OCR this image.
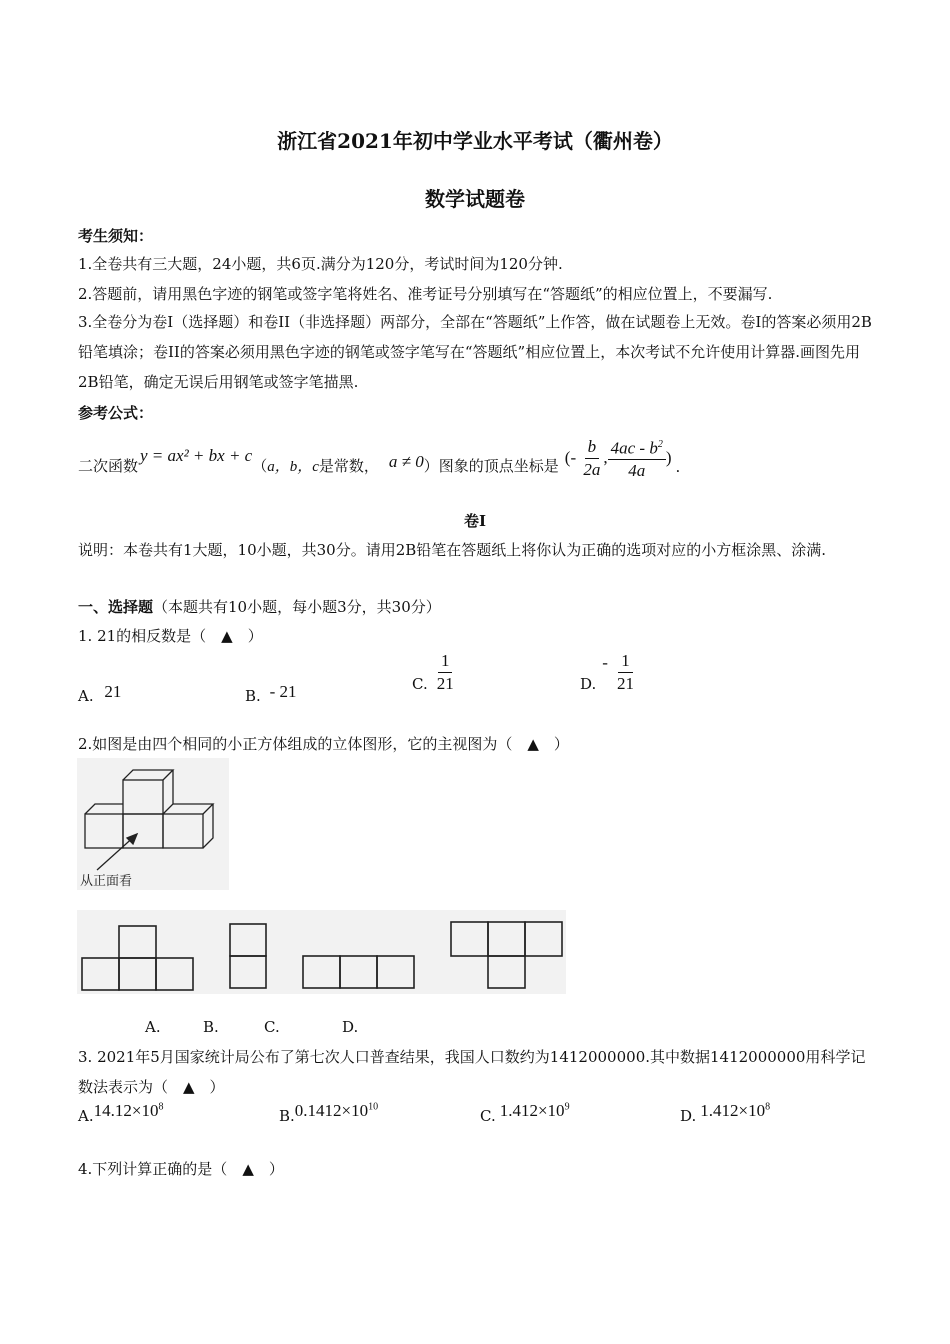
浙江省2021年初中学业水平考试（衢州卷）
数学试题卷
考生须知：
1.全卷共有三大题，24小题，共6页.满分为120分，考试时间为120分钟.
2.答题前，请用黑色字迹的钢笔或签字笔将姓名、准考证号分别填写在“答题纸”的相应位置上，不要漏写.
3.全卷分为卷I（选择题）和卷II（非选择题）两部分，全部在“答题纸”上作答，做在试题卷上无效。卷I的答案必须用2B铅笔填涂；卷II的答案必须用黑色字迹的钢笔或签字笔写在“答题纸”相应位置上，本次考试不允许使用计算器.画图先用2B铅笔，确定无误后用钢笔或签字笔描黑.
参考公式：
二次函数
y = ax² + bx + c
（ a，b，c 是常数， a ≠ 0 ） 图象的顶点坐标是 (- $\frac{b}{2a}$ , $\frac{4ac - b^2}{4a}$ ) .
卷I
说明：本卷共有1大题，10小题，共30分。请用2B铅笔在答题纸上将你认为正确的选项对应的小方框涂黑、涂满.
一、选择题（本题共有10小题，每小题3分，共30分）
1. 21的相反数是（　▲　）
A. 21	B. - 21	C. $\frac{1}{21}$	D.
- $\frac{1}{21}$
2.如图是由四个相同的小正方体组成的立体图形，它的主视图为（　▲　）
从正面看
A.	B.	C.	D.
3. 2021年5月国家统计局公布了第七次人口普查结果，我国人口数约为1412000000.其中数据1412000000用科学记数法表示为（　▲　）
$A.14.12\times 10^8$
$B.0.1412\times 10^{10}$
C. $1.412\times 10^9$
D. $1.412\times 10^8$
4.下列计算正确的是（　▲　）
